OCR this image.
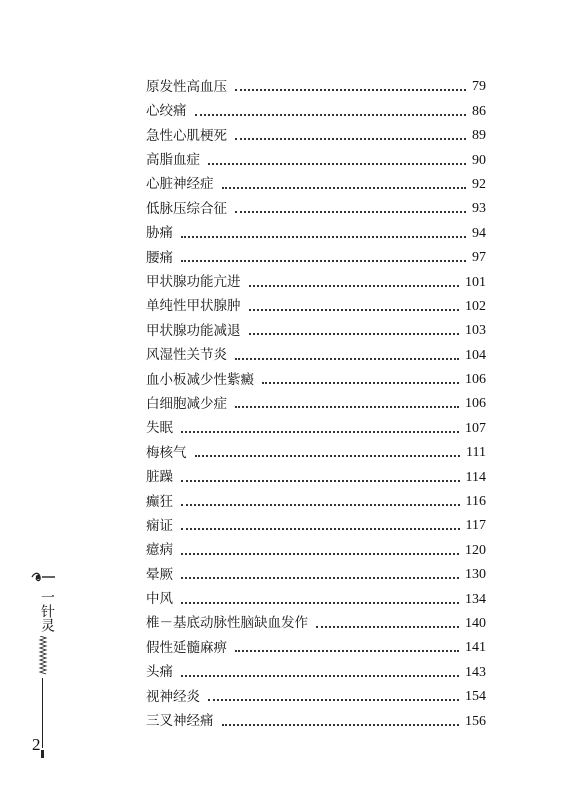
原发性高血压	79
心绞痛	86
急性心肌梗死	89
高脂血症	90
心脏神经症	92
低脉压综合征	93
胁痛	94
腰痛	97
甲状腺功能亢进	101
单纯性甲状腺肿	102
甲状腺功能减退	103
风湿性关节炎	104
血小板减少性紫癜	106
白细胞减少症	106
失眠	107
梅核气	111
脏躁	114
癫狂	116
痫证	117
癔病	120
晕厥	130
中风	134
椎－基底动脉性脑缺血发作	140
假性延髓麻痹	141
头痛	143
视神经炎	154
三叉神经痛	156
一针灵
2
